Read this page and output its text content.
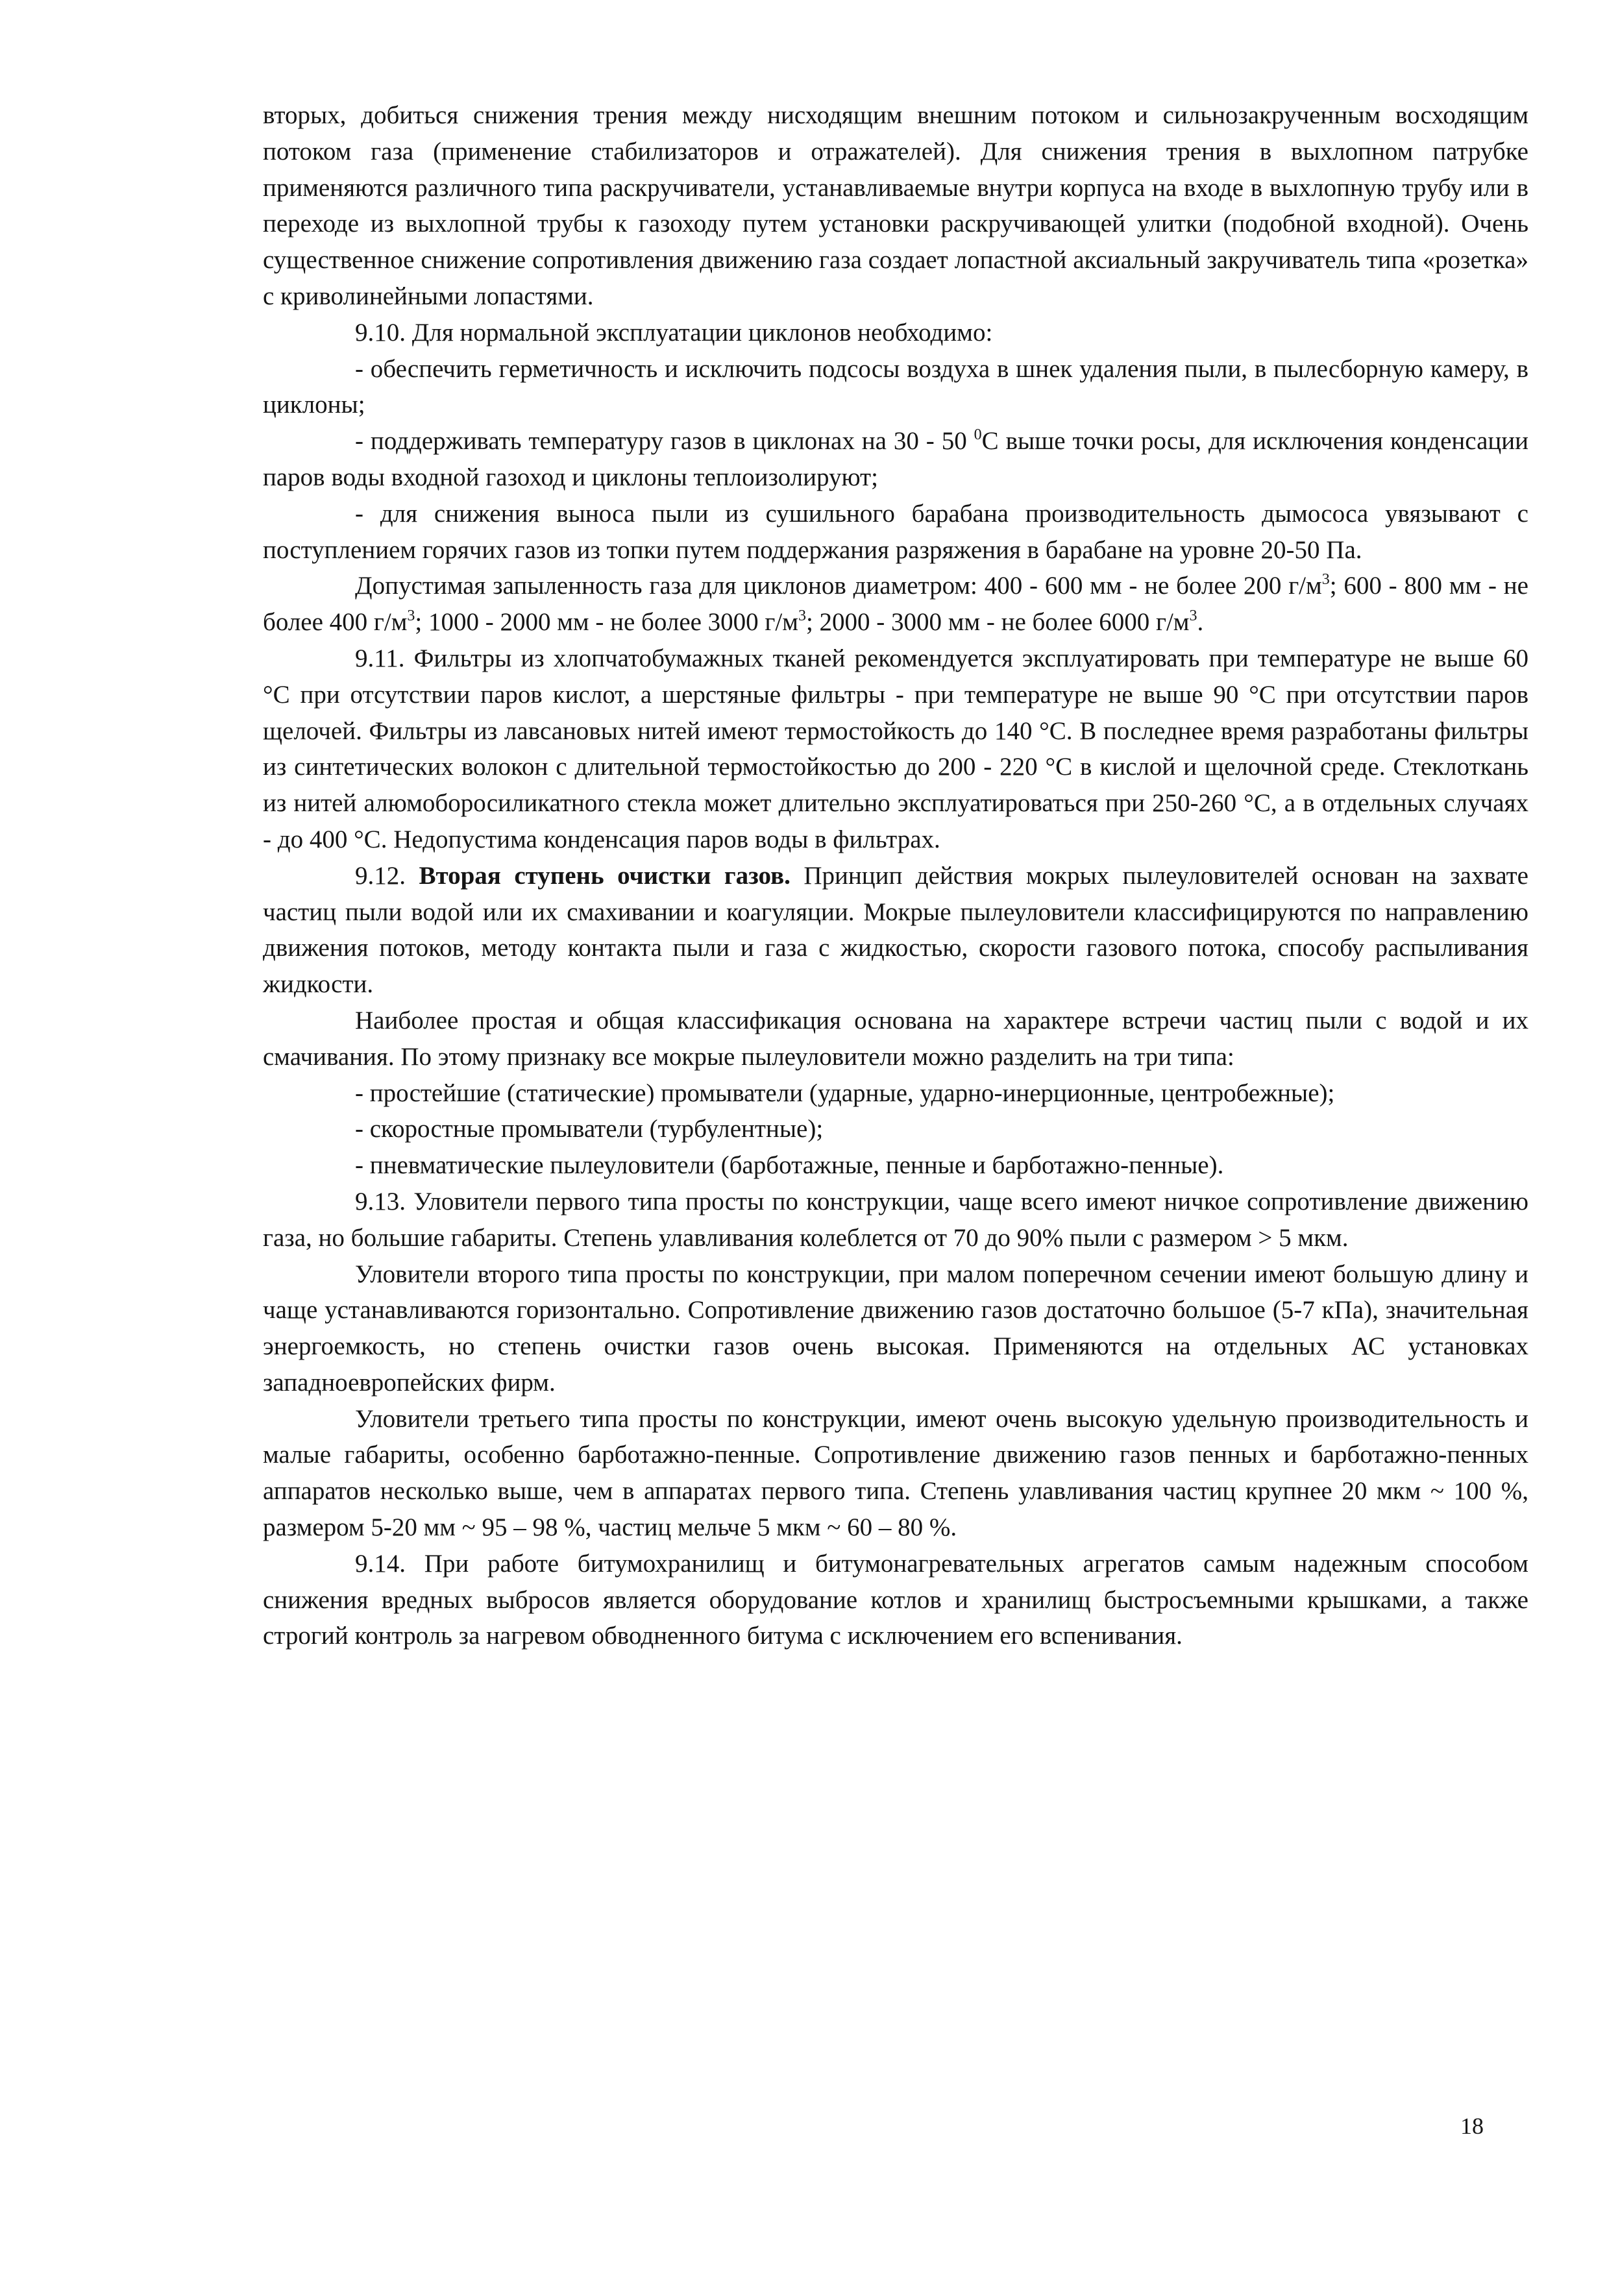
вторых, добиться снижения трения между нисходящим внешним потоком и сильнозакрученным восходящим потоком газа (применение стабилизаторов и отражателей). Для снижения трения в выхлопном патрубке применяются различного типа раскручиватели, устанавливаемые внутри корпуса на входе в выхлопную трубу или в переходе из выхлопной трубы к газоходу путем установки раскручивающей улитки (подобной входной). Очень существенное снижение сопротивления движению газа создает лопастной аксиальный закручиватель типа «розетка» с криволинейными лопастями.

9.10. Для нормальной эксплуатации циклонов необходимо:

- обеспечить герметичность и исключить подсосы воздуха в шнек удаления пыли, в пылесборную камеру, в циклоны;

- поддерживать температуру газов в циклонах на 30 - 50 $^0$С выше точки росы, для исключения конденсации паров воды входной газоход и циклоны теплоизолируют;

- для снижения выноса пыли из сушильного барабана производительность дымососа увязывают с поступлением горячих газов из топки путем поддержания разряжения в барабане на уровне 20-50 Па.

Допустимая запыленность газа для циклонов диаметром: 400 - 600 мм - не более 200 $г/м^3$; 600 - 800 мм - не более 400 $г/м^3$; 1000 - 2000 мм - не более 3000 $г/м^3$; 2000 - 3000 мм - не более 6000 $г/м^3$.

9.11. Фильтры из хлопчатобумажных тканей рекомендуется эксплуатировать при температуре не выше 60 °С при отсутствии паров кислот, а шерстяные фильтры - при температуре не выше 90 °С при отсутствии паров щелочей. Фильтры из лавсановых нитей имеют термостойкость до 140 °С. В последнее время разработаны фильтры из синтетических волокон с длительной термостойкостью до 200 - 220 °С в кислой и щелочной среде. Стеклоткань из нитей алюмоборосиликатного стекла может длительно эксплуатироваться при 250-260 °С, а в отдельных случаях - до 400 °С. Недопустима конденсация паров воды в фильтрах.

9.12. Вторая ступень очистки газов. Принцип действия мокрых пылеуловителей основан на захвате частиц пыли водой или их смахивании и коагуляции. Мокрые пылеуловители классифицируются по направлению движения потоков, методу контакта пыли и газа с жидкостью, скорости газового потока, способу распыливания жидкости.

Наиболее простая и общая классификация основана на характере встречи частиц пыли с водой и их смачивания. По этому признаку все мокрые пылеуловители можно разделить на три типа:

- простейшие (статические) промыватели (ударные, ударно-инерционные, центробежные);

- скоростные промыватели (турбулентные);

- пневматические пылеуловители (барботажные, пенные и барботажно-пенные).

9.13. Уловители первого типа просты по конструкции, чаще всего имеют ничкое сопротивление движению газа, но большие габариты. Степень улавливания колеблется от 70 до 90% пыли с размером > 5 мкм.

Уловители второго типа просты по конструкции, при малом поперечном сечении имеют большую длину и чаще устанавливаются горизонтально. Сопротивление движению газов достаточно большое (5-7 кПа), значительная энергоемкость, но степень очистки газов очень высокая. Применяются на отдельных АС установках западноевропейских фирм.

Уловители третьего типа просты по конструкции, имеют очень высокую удельную производительность и малые габариты, особенно барботажно-пенные. Сопротивление движению газов пенных и барботажно-пенных аппаратов несколько выше, чем в аппаратах первого типа. Степень улавливания частиц крупнее 20 мкм ~ 100 %, размером 5-20 мм ~ 95 – 98 %, частиц мельче 5 мкм ~ 60 – 80 %.

9.14. При работе битумохранилищ и битумонагревательных агрегатов самым надежным способом снижения вредных выбросов является оборудование котлов и хранилищ быстросъемными крышками, а также строгий контроль за нагревом обводненного битума с исключением его вспенивания.

18
